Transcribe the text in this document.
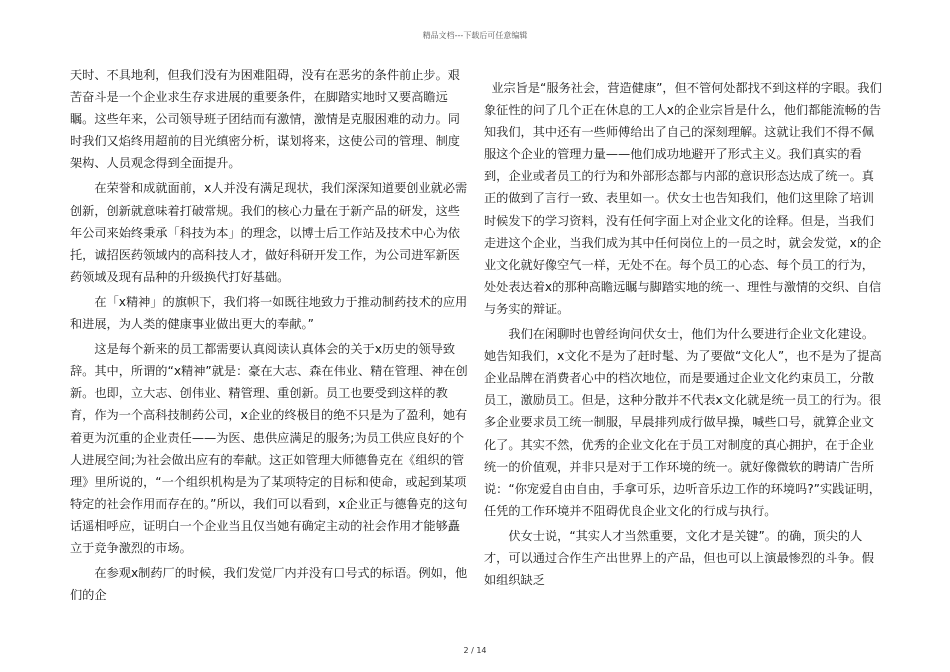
精品文档---下载后可任意编辑

天时、不具地利，但我们没有为困难阻碍，没有在恶劣的条件前止步。艰苦奋斗是一个企业求生存求进展的重要条件，在脚踏实地时又要高瞻远瞩。这些年来，公司领导班子团结而有激情，激情是克服困难的动力。同时我们又焰终用超前的目光缜密分析，谋划将来，这使公司的管理、制度架构、人员观念得到全面提升。

在荣誉和成就面前，x人并没有满足现状，我们深深知道要创业就必需创新，创新就意味着打破常规。我们的核心力量在于新产品的研发，这些年公司来始终秉承「科技为本」的理念，以博士后工作站及技术中心为依托，诚招医药领域内的高科技人才，做好科研开发工作，为公司进军新医药领域及现有品种的升级换代打好基础。

在「x精神」的旗帜下，我们将一如既往地致力于推动制药技术的应用和进展，为人类的健康事业做出更大的奉献。”

这是每个新来的员工都需要认真阅读认真体会的关于x历史的领导致辞。其中，所谓的“x精神”就是：豪在大志、森在伟业、精在管理、神在创新。也即，立大志、创伟业、精管理、重创新。员工也要受到这样的教育，作为一个高科技制药公司，x企业的终极目的绝不只是为了盈利，她有着更为沉重的企业责任——为医、患供应满足的服务;为员工供应良好的个人进展空间;为社会做出应有的奉献。这正如管理大师德鲁克在《组织的管理》里所说的，“一个组织机构是为了某项特定的目标和使命，或起到某项特定的社会作用而存在的。”所以，我们可以看到，x企业正与德鲁克的这句话遥相呼应，证明白一个企业当且仅当她有确定主动的社会作用才能够矗立于竞争激烈的市场。

在参观x制药厂的时候，我们发觉厂内并没有口号式的标语。例如，他们的企

业宗旨是“服务社会，营造健康”，但不管何处都找不到这样的字眼。我们象征性的问了几个正在休息的工人x的企业宗旨是什么，他们都能流畅的告知我们，其中还有一些师傅给出了自己的深刻理解。这就让我们不得不佩服这个企业的管理力量——他们成功地避开了形式主义。我们真实的看到，企业或者员工的行为和外部形态都与内部的意识形态达成了统一。真正的做到了言行一致、表里如一。伏女士也告知我们，他们这里除了培训时候发下的学习资料，没有任何字面上对企业文化的诠释。但是，当我们走进这个企业，当我们成为其中任何岗位上的一员之时，就会发觉，x的企业文化就好像空气一样，无处不在。每个员工的心态、每个员工的行为，处处表达着x的那种高瞻远瞩与脚踏实地的统一、理性与激情的交织、自信与务实的辩证。

我们在闲聊时也曾经询问伏女士，他们为什么要进行企业文化建设。她告知我们，x文化不是为了赶时髦、为了要做“文化人”，也不是为了提高企业品牌在消费者心中的档次地位，而是要通过企业文化约束员工，分散员工，激励员工。但是，这种分散并不代表x文化就是统一员工的行为。很多企业要求员工统一制服，早晨排列成行做早操，喊些口号，就算企业文化了。其实不然，优秀的企业文化在于员工对制度的真心拥护，在于企业统一的价值观，并非只是对于工作环境的统一。就好像微软的聘请广告所说：“你宠爱自由自由，手拿可乐，边听音乐边工作的环境吗?”实践证明，任凭的工作环境并不阻碍优良企业文化的行成与执行。

伏女士说，“其实人才当然重要，文化才是关键”。的确，顶尖的人才，可以通过合作生产出世界上的产品，但也可以上演最惨烈的斗争。假如组织缺乏

2 / 14
